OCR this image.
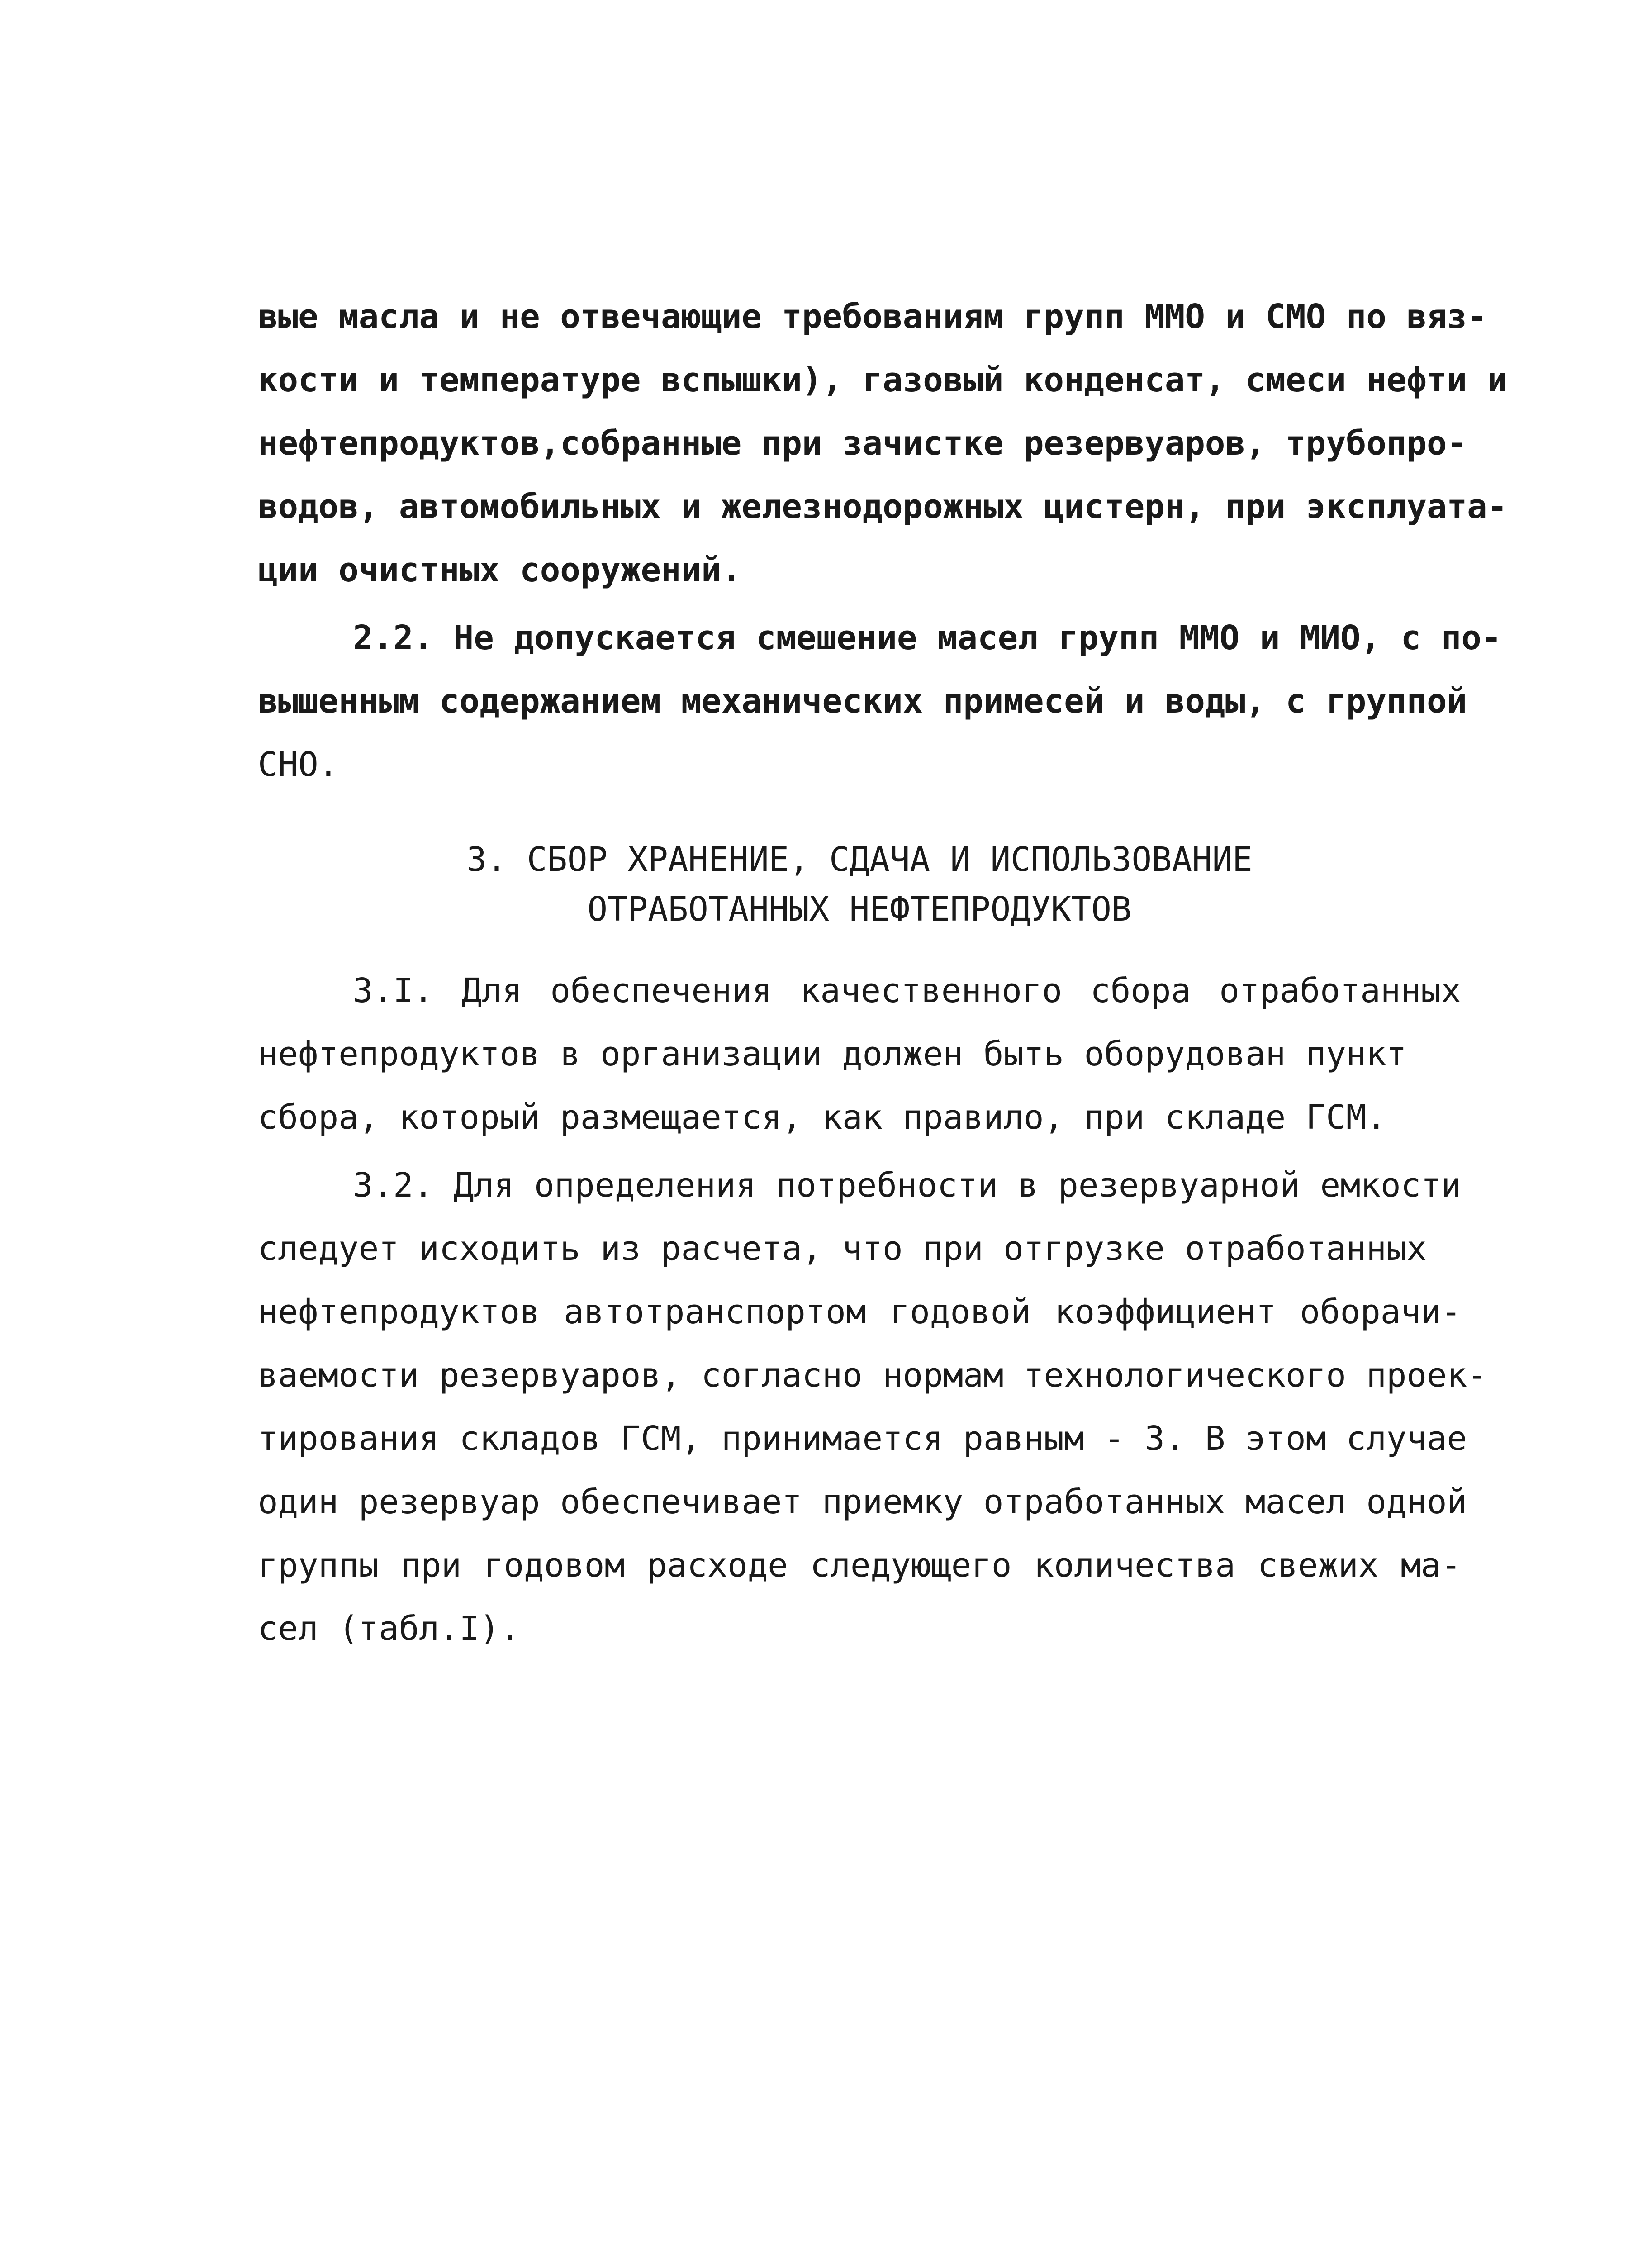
вые масла и не отвечающие требованиям групп ММО и СМО по вяз-
кости и температуре вспышки), газовый конденсат, смеси нефти и
нефтепродуктов,собранные при зачистке резервуаров, трубопро-
водов, автомобильных и железнодорожных цистерн, при эксплуата-
ции очистных сооружений.
2.2. Не допускается смешение масел групп ММО и МИО, с по-
вышенным содержанием механических примесей и воды, с группой
СНО.
3. СБОР ХРАНЕНИЕ, СДАЧА И ИСПОЛЬЗОВАНИЕ
ОТРАБОТАННЫХ НЕФТЕПРОДУКТОВ
3.I. Для обеспечения качественного сбора отработанных
нефтепродуктов в организации должен быть оборудован пункт
сбора, который размещается, как правило, при складе ГСМ.
3.2. Для определения потребности в резервуарной емкости
следует исходить из расчета, что при отгрузке отработанных
нефтепродуктов автотранспортом годовой коэффициент оборачи-
ваемости резервуаров, согласно нормам технологического проек-
тирования складов ГСМ, принимается равным - 3. В этом случае
один резервуар обеспечивает приемку отработанных масел одной
группы при годовом расходе следующего количества свежих ма-
сел (табл.I).
